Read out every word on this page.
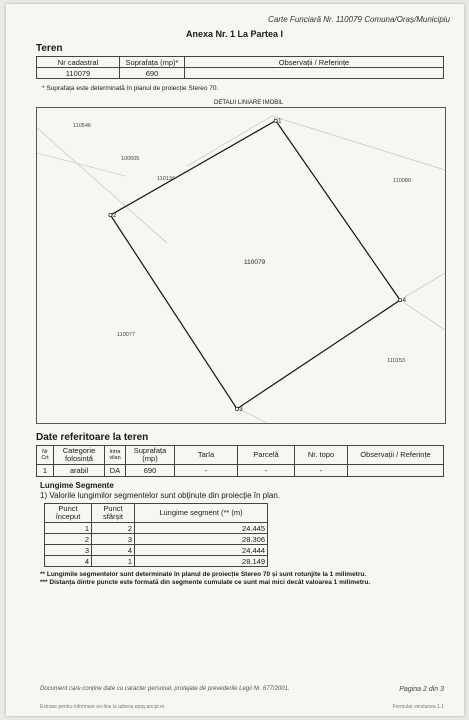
Carte Funciară Nr. 110079 Comuna/Oraș/Municipiu
Anexa Nr. 1 La Partea I
Teren
Nr cadastral	Suprafața (mp)*	Observații / Referințe
110079	690	
* Suprafața este determinată în planul de proiecție Stereo 70.
DETALII LINIARE IMOBIL
1
2
3
4
110546
100605
110134	110080
110077
110153
110079
Date referitoare la teren
Nr Crt	Categorie folosință	Intra vilan	Suprafața (mp)	Tarla	Parcelă	Nr. topo	Observații / Referințe
1	arabil	DA	690	-	-	-	
Lungime Segmente
1) Valorile lungimilor segmentelor sunt obținute din proiecție în plan.
Punct început	Punct sfârșit	Lungime segment (** (m)
1	2	24.445
2	3	28.306
3	4	24.444
4	1	28.149
** Lungimile segmentelor sunt determinate în planul de proiecție Stereo 70 și sunt rotunjite la 1 milimetru.
*** Distanța dintre puncte este formată din segmente cumulate ce sunt mai mici decât valoarea 1 milimetru.
Document care conține date cu caracter personal, protejate de prevederile Legii Nr. 677/2001.	Pagina 2 din 3
Extrase pentru informare on-line la adresa epay.ancpi.ro	Formular versiunea 1.1
